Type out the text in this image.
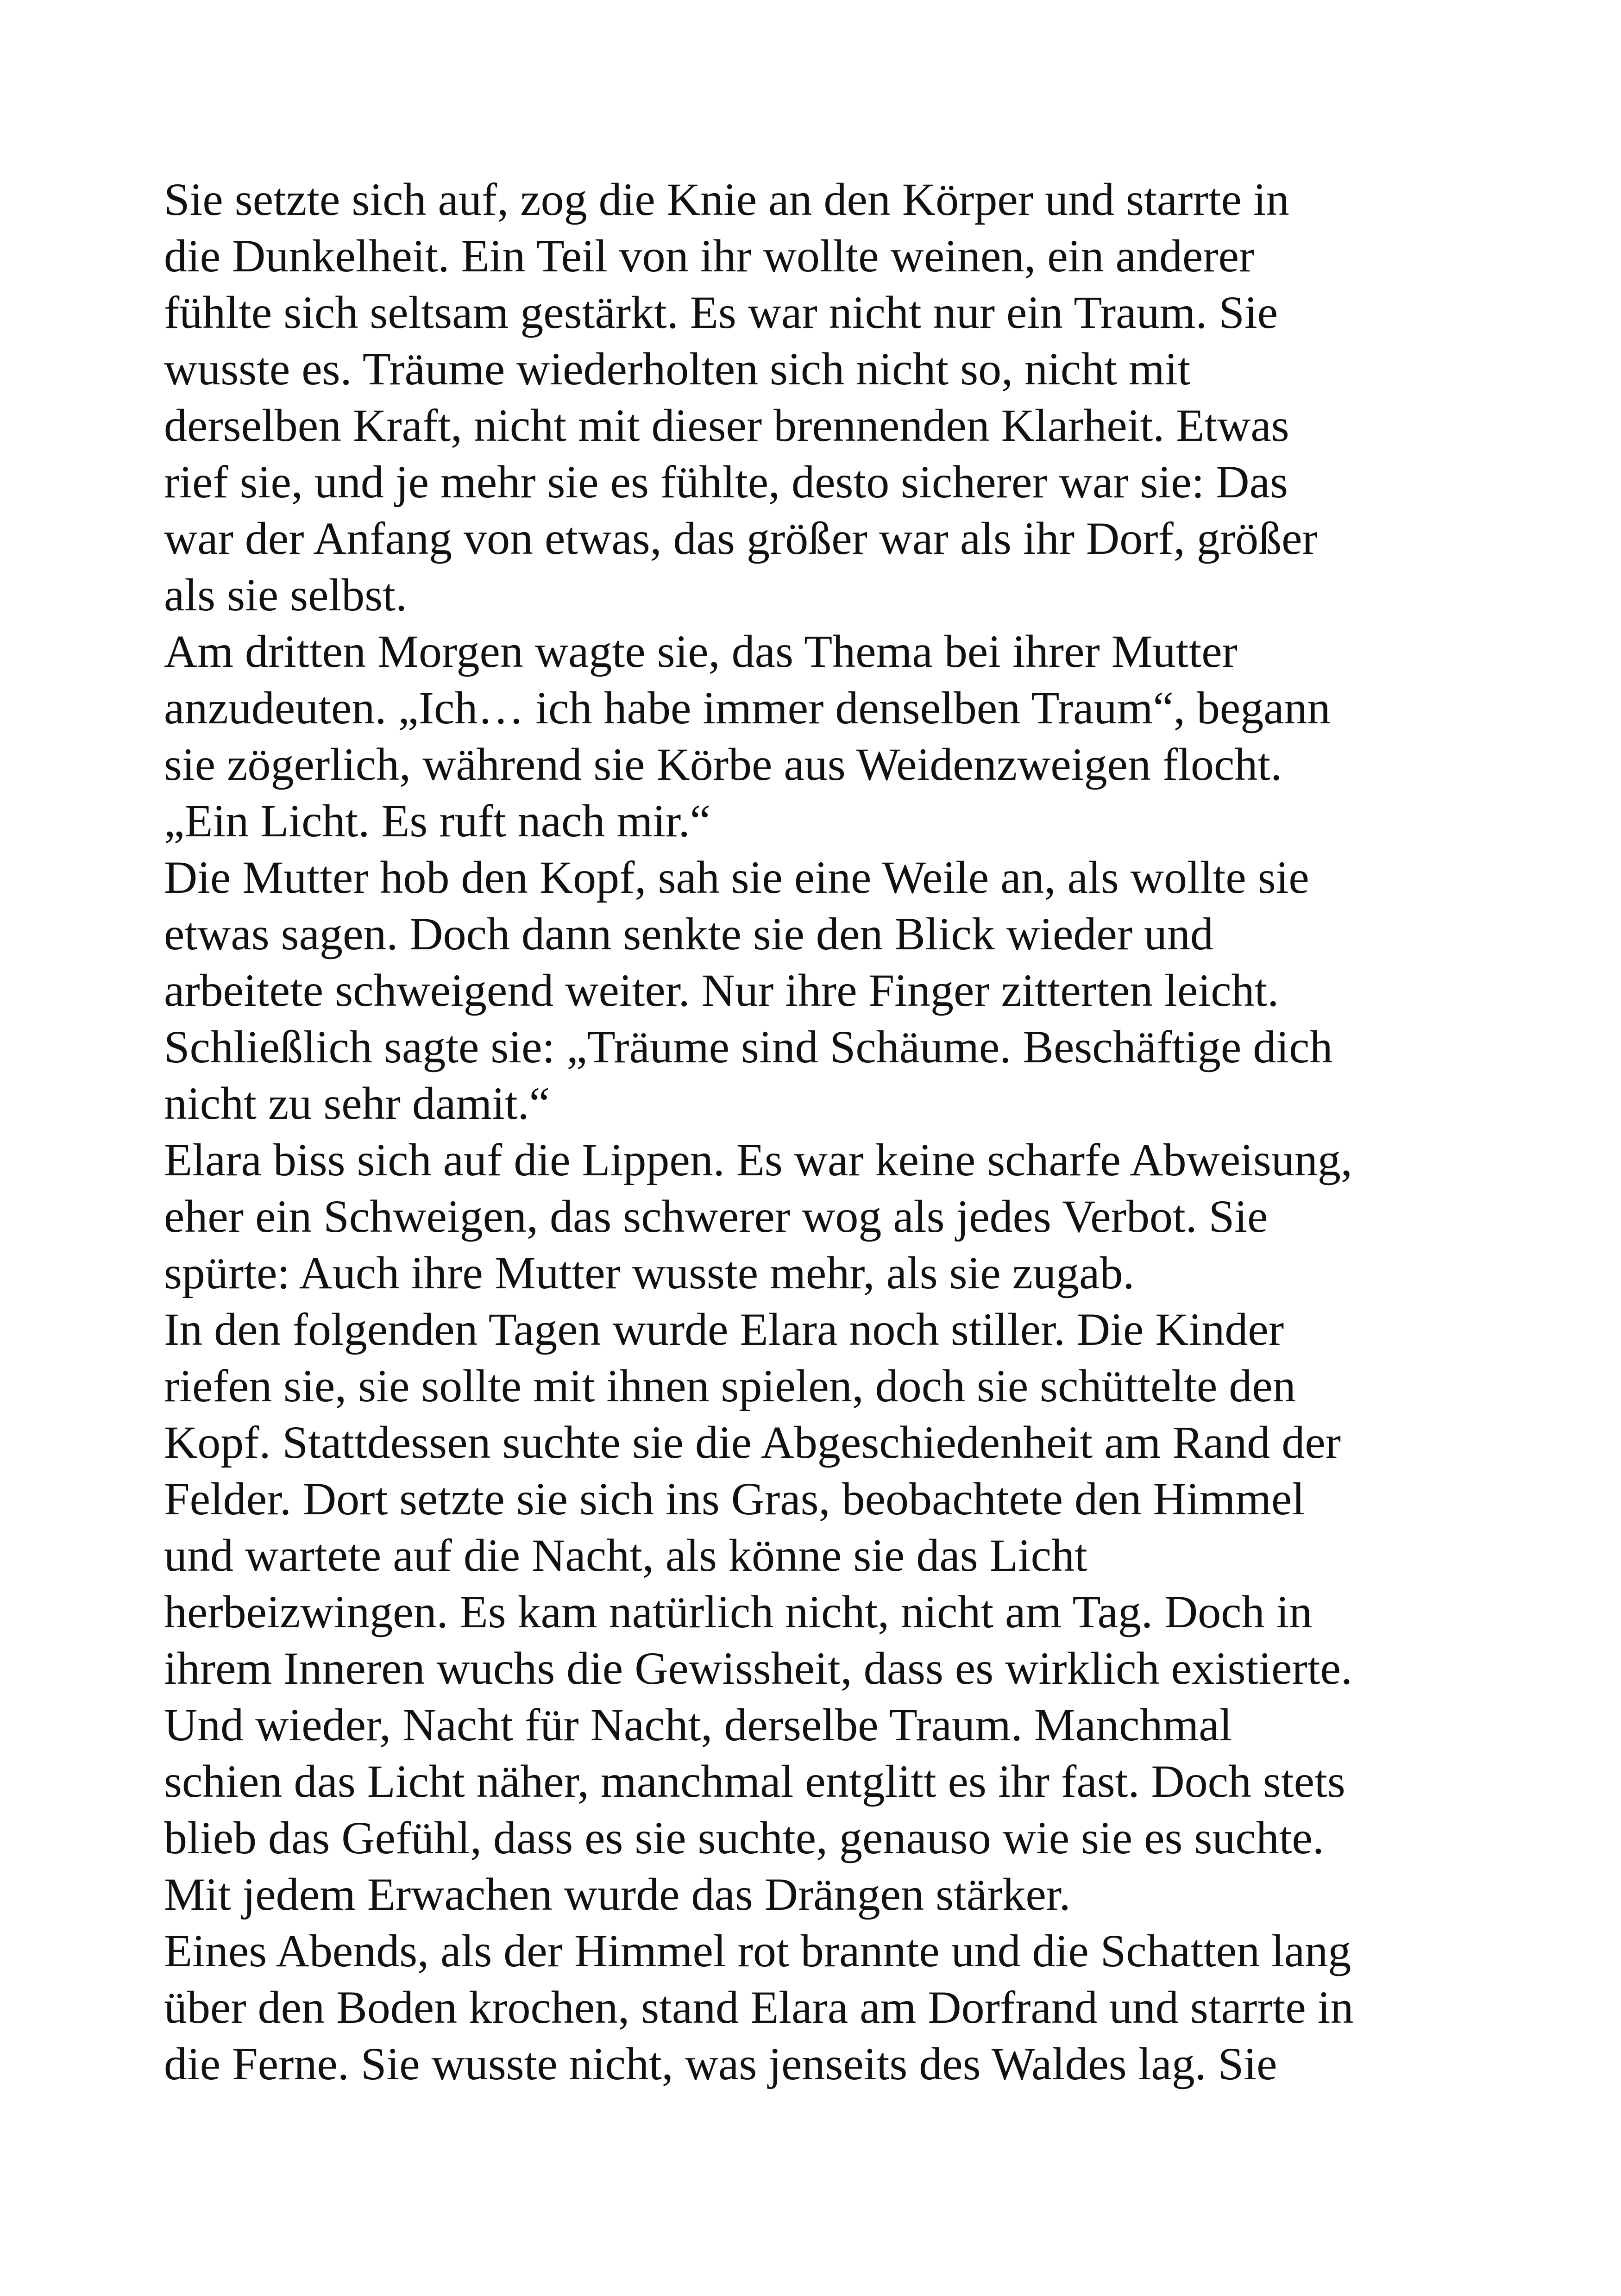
Sie setzte sich auf, zog die Knie an den Körper und starrte in
die Dunkelheit. Ein Teil von ihr wollte weinen, ein anderer
fühlte sich seltsam gestärkt. Es war nicht nur ein Traum. Sie
wusste es. Träume wiederholten sich nicht so, nicht mit
derselben Kraft, nicht mit dieser brennenden Klarheit. Etwas
rief sie, und je mehr sie es fühlte, desto sicherer war sie: Das
war der Anfang von etwas, das größer war als ihr Dorf, größer
als sie selbst.
Am dritten Morgen wagte sie, das Thema bei ihrer Mutter
anzudeuten. „Ich… ich habe immer denselben Traum“, begann
sie zögerlich, während sie Körbe aus Weidenzweigen flocht.
„Ein Licht. Es ruft nach mir.“
Die Mutter hob den Kopf, sah sie eine Weile an, als wollte sie
etwas sagen. Doch dann senkte sie den Blick wieder und
arbeitete schweigend weiter. Nur ihre Finger zitterten leicht.
Schließlich sagte sie: „Träume sind Schäume. Beschäftige dich
nicht zu sehr damit.“
Elara biss sich auf die Lippen. Es war keine scharfe Abweisung,
eher ein Schweigen, das schwerer wog als jedes Verbot. Sie
spürte: Auch ihre Mutter wusste mehr, als sie zugab.
In den folgenden Tagen wurde Elara noch stiller. Die Kinder
riefen sie, sie sollte mit ihnen spielen, doch sie schüttelte den
Kopf. Stattdessen suchte sie die Abgeschiedenheit am Rand der
Felder. Dort setzte sie sich ins Gras, beobachtete den Himmel
und wartete auf die Nacht, als könne sie das Licht
herbeizwingen. Es kam natürlich nicht, nicht am Tag. Doch in
ihrem Inneren wuchs die Gewissheit, dass es wirklich existierte.
Und wieder, Nacht für Nacht, derselbe Traum. Manchmal
schien das Licht näher, manchmal entglitt es ihr fast. Doch stets
blieb das Gefühl, dass es sie suchte, genauso wie sie es suchte.
Mit jedem Erwachen wurde das Drängen stärker.
Eines Abends, als der Himmel rot brannte und die Schatten lang
über den Boden krochen, stand Elara am Dorfrand und starrte in
die Ferne. Sie wusste nicht, was jenseits des Waldes lag. Sie
